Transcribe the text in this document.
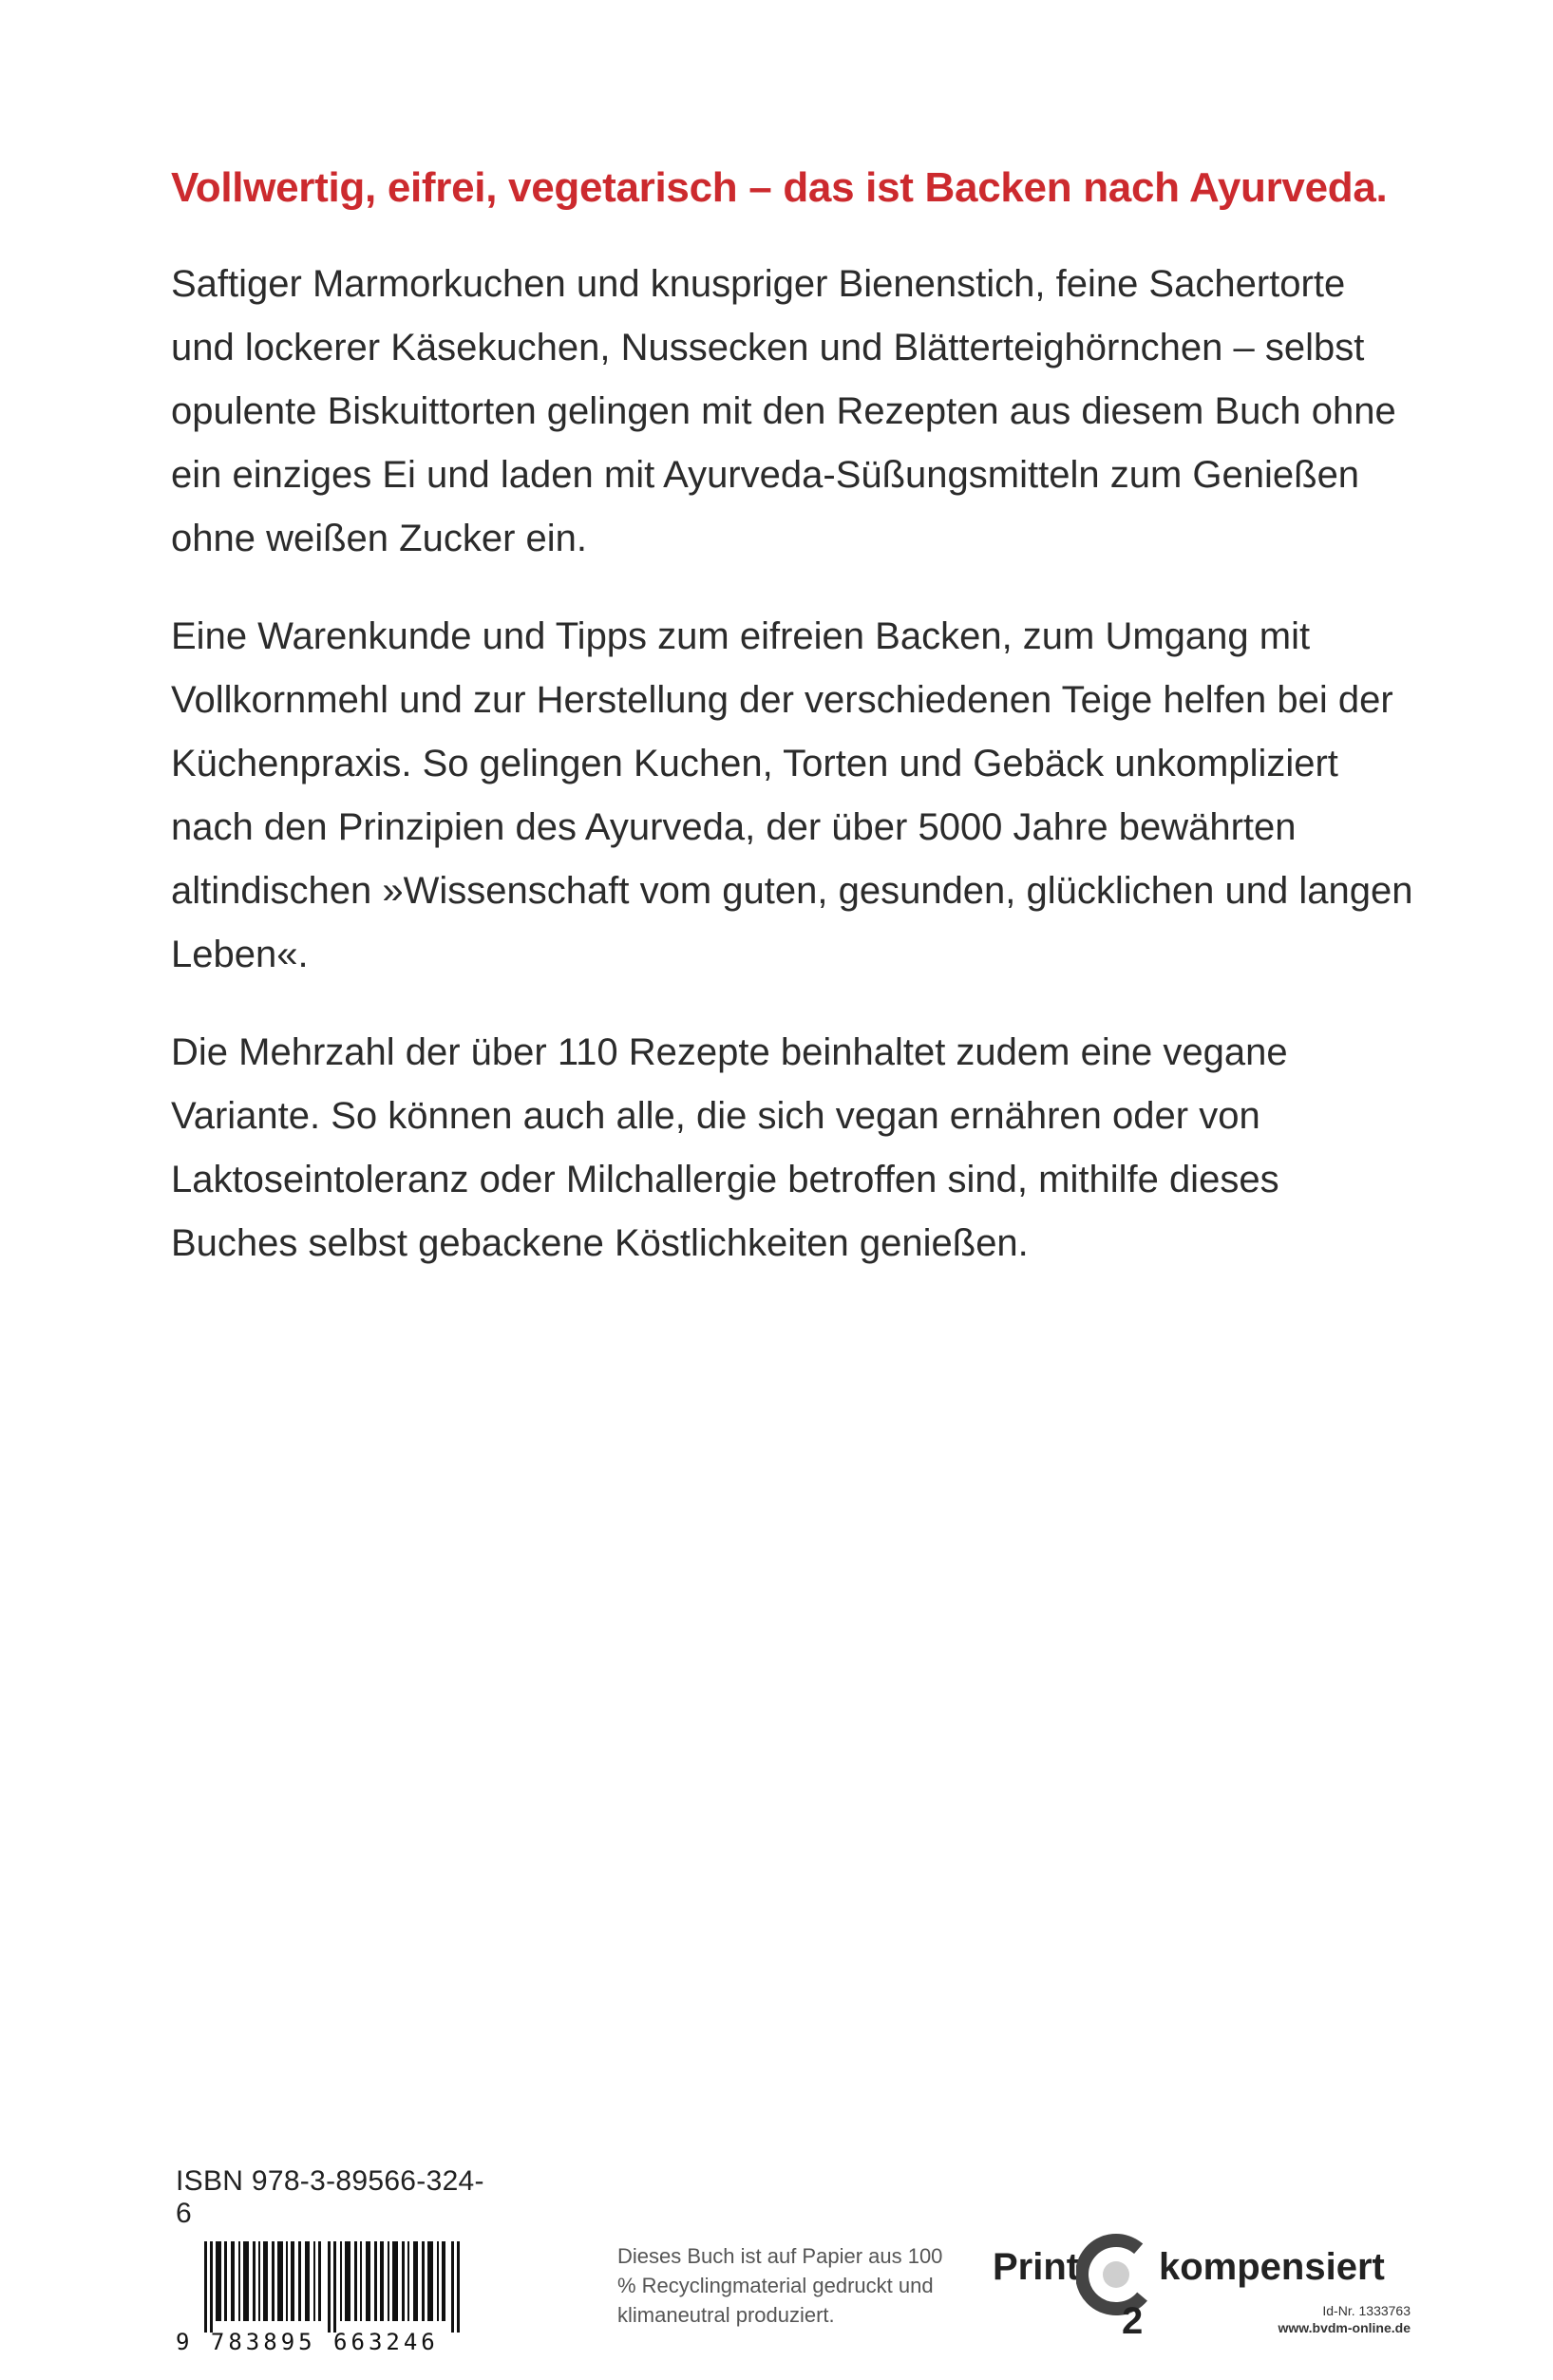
Vollwertig, eifrei, vegetarisch – das ist Backen nach Ayurveda.

Saftiger Marmorkuchen und knuspriger Bienenstich, feine Sachertorte und lockerer Käsekuchen, Nussecken und Blätterteighörnchen – selbst opulente Biskuittorten gelingen mit den Rezepten aus diesem Buch ohne ein einziges Ei und laden mit Ayurveda-Süßungsmitteln zum Genießen ohne weißen Zucker ein.

Eine Warenkunde und Tipps zum eifreien Backen, zum Umgang mit Vollkornmehl und zur Herstellung der verschiedenen Teige helfen bei der Küchenpraxis. So gelingen Kuchen, Torten und Gebäck unkompliziert nach den Prinzipien des Ayurveda, der über 5000 Jahre bewährten altindischen »Wissenschaft vom guten, gesunden, glücklichen und langen Leben«.

Die Mehrzahl der über 110 Rezepte beinhaltet zudem eine vegane Variante. So können auch alle, die sich vegan ernähren oder von Laktoseintoleranz oder Milchallergie betroffen sind, mithilfe dieses Buches selbst gebackene Köstlichkeiten genießen.

ISBN 978-3-89566-324-6
9 783895 663246
Dieses Buch ist auf Papier aus 100 % Recyclingmaterial gedruckt und klimaneutral produziert.
Print
2
kompensiert
Id-Nr. 1333763
www.bvdm-online.de
